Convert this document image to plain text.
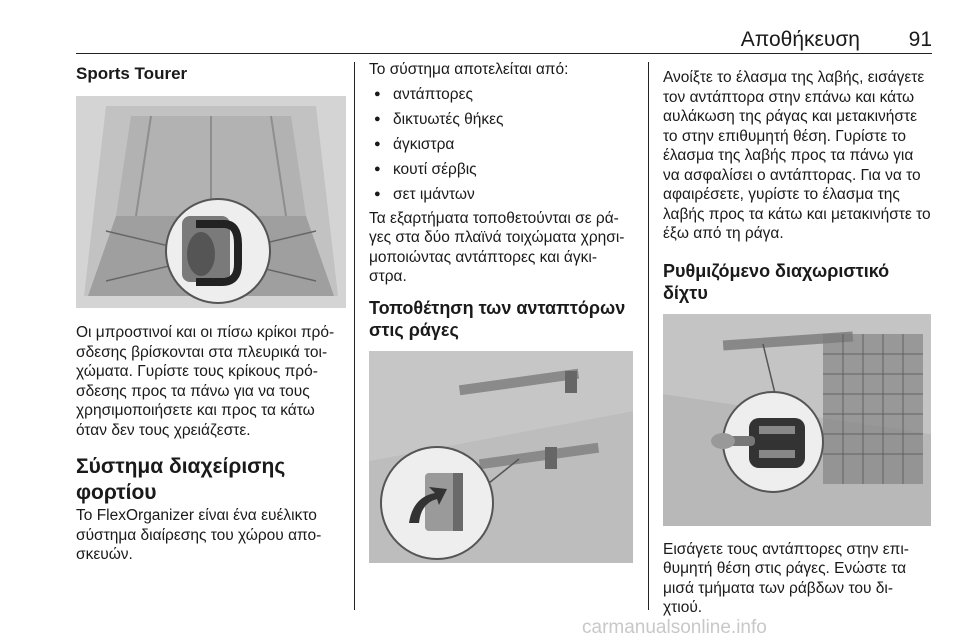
Αποθήκευση	91
Sports Tourer

Οι μπροστινοί και οι πίσω κρίκοι πρό-σδεσης βρίσκονται στα πλευρικά τοι-χώματα. Γυρίστε τους κρίκους πρό-σδεσης προς τα πάνω για να τους χρησιμοποιήσετε και προς τα κάτω όταν δεν τους χρειάζεστε.

Σύστημα διαχείρισης φορτίου

Το FlexOrganizer είναι ένα ευέλικτο σύστημα διαίρεσης του χώρου απο-σκευών.

Το σύστημα αποτελείται από:

● αντάπτορες
● δικτυωτές θήκες
● άγκιστρα
● κουτί σέρβις
● σετ ιμάντων

Τα εξαρτήματα τοποθετούνται σε ρά-γες στα δύο πλαϊνά τοιχώματα χρησι-μοποιώντας αντάπτορες και άγκι-στρα.

Τοποθέτηση των ανταπτόρων στις ράγες

Ανοίξτε το έλασμα της λαβής, εισάγετε τον αντάπτορα στην επάνω και κάτω αυλάκωση της ράγας και μετακινήστε το στην επιθυμητή θέση. Γυρίστε το έλασμα της λαβής προς τα πάνω για να ασφαλίσει ο αντάπτορας. Για να το αφαιρέσετε, γυρίστε το έλασμα της λαβής προς τα κάτω και μετακινήστε το έξω από τη ράγα.

Ρυθμιζόμενο διαχωριστικό δίχτυ

Εισάγετε τους αντάπτορες στην επι-θυμητή θέση στις ράγες. Ενώστε τα μισά τμήματα των ράβδων του δι-χτιού.

carmanualsonline.info
